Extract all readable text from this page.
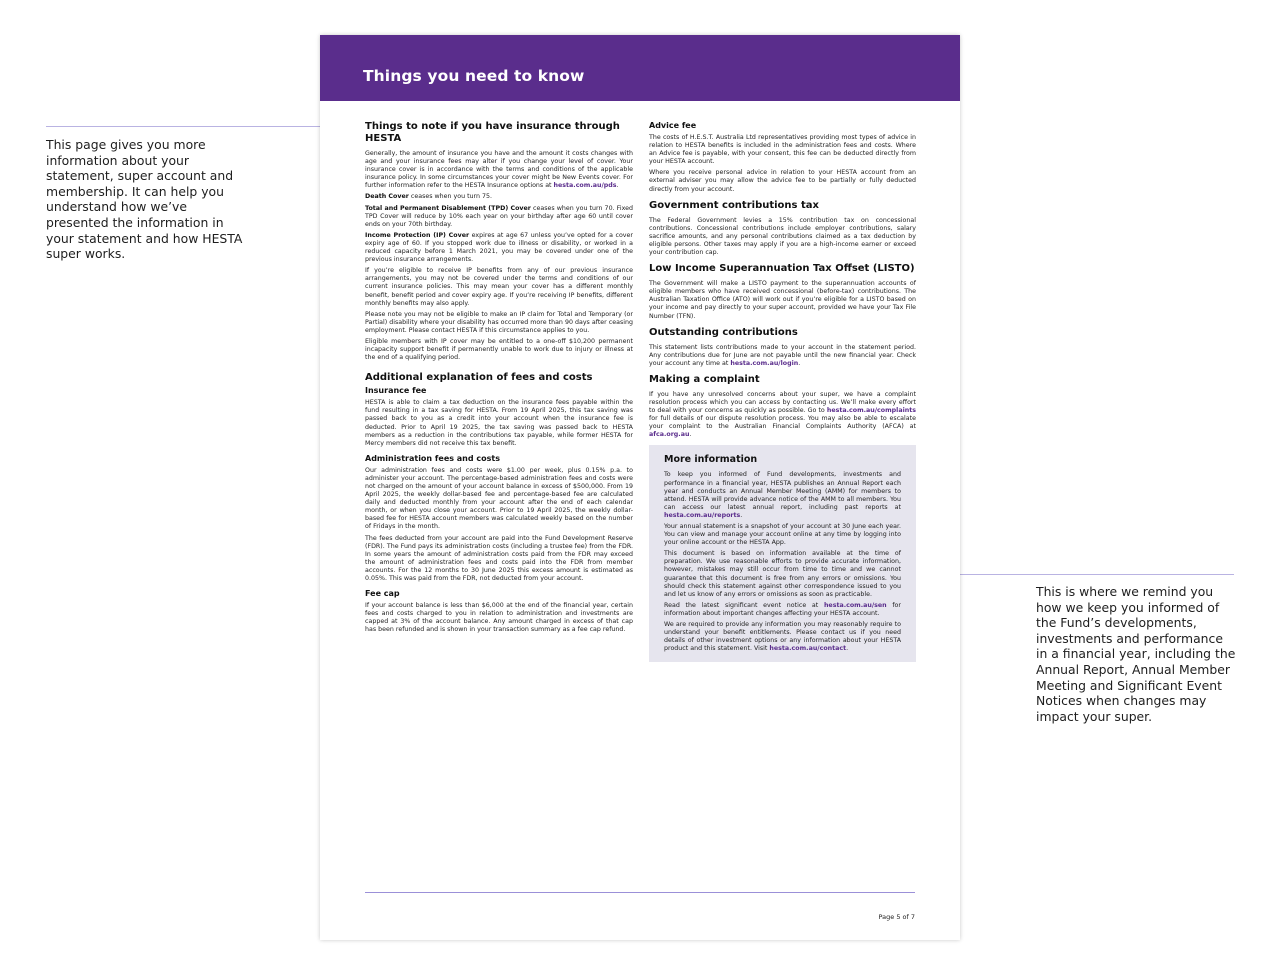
This page gives you more information about your statement, super account and membership. It can help you understand how we’ve presented the information in your statement and how HESTA super works.

This is where we remind you how we keep you informed of the Fund’s developments, investments and performance in a financial year, including the Annual Report, Annual Member Meeting and Significant Event Notices when changes may impact your super.

Things you need to know
Things to note if you have insurance through HESTA

Generally, the amount of insurance you have and the amount it costs changes with age and your insurance fees may alter if you change your level of cover. Your insurance cover is in accordance with the terms and conditions of the applicable insurance policy. In some circumstances your cover might be New Events cover. For further information refer to the HESTA Insurance options at hesta.com.au/pds.

Death Cover ceases when you turn 75.

Total and Permanent Disablement (TPD) Cover ceases when you turn 70. Fixed TPD Cover will reduce by 10% each year on your birthday after age 60 until cover ends on your 70th birthday.

Income Protection (IP) Cover expires at age 67 unless you’ve opted for a cover expiry age of 60. If you stopped work due to illness or disability, or worked in a reduced capacity before 1 March 2021, you may be covered under one of the previous insurance arrangements.

If you’re eligible to receive IP benefits from any of our previous insurance arrangements, you may not be covered under the terms and conditions of our current insurance policies. This may mean your cover has a different monthly benefit, benefit period and cover expiry age. If you’re receiving IP benefits, different monthly benefits may also apply.

Please note you may not be eligible to make an IP claim for Total and Temporary (or Partial) disability where your disability has occurred more than 90 days after ceasing employment. Please contact HESTA if this circumstance applies to you.

Eligible members with IP cover may be entitled to a one-off $10,200 permanent incapacity support benefit if permanently unable to work due to injury or illness at the end of a qualifying period.

Additional explanation of fees and costs
Insurance fee

HESTA is able to claim a tax deduction on the insurance fees payable within the fund resulting in a tax saving for HESTA. From 19 April 2025, this tax saving was passed back to you as a credit into your account when the insurance fee is deducted. Prior to April 19 2025, the tax saving was passed back to HESTA members as a reduction in the contributions tax payable, while former HESTA for Mercy members did not receive this tax benefit.

Administration fees and costs

Our administration fees and costs were $1.00 per week, plus 0.15% p.a. to administer your account. The percentage-based administration fees and costs were not charged on the amount of your account balance in excess of $500,000. From 19 April 2025, the weekly dollar-based fee and percentage-based fee are calculated daily and deducted monthly from your account after the end of each calendar month, or when you close your account. Prior to 19 April 2025, the weekly dollar-based fee for HESTA account members was calculated weekly based on the number of Fridays in the month.

The fees deducted from your account are paid into the Fund Development Reserve (FDR). The Fund pays its administration costs (including a trustee fee) from the FDR. In some years the amount of administration costs paid from the FDR may exceed the amount of administration fees and costs paid into the FDR from member accounts. For the 12 months to 30 June 2025 this excess amount is estimated as 0.05%. This was paid from the FDR, not deducted from your account.

Fee cap

If your account balance is less than $6,000 at the end of the financial year, certain fees and costs charged to you in relation to administration and investments are capped at 3% of the account balance. Any amount charged in excess of that cap has been refunded and is shown in your transaction summary as a fee cap refund.

Advice fee

The costs of H.E.S.T. Australia Ltd representatives providing most types of advice in relation to HESTA benefits is included in the administration fees and costs. Where an Advice fee is payable, with your consent, this fee can be deducted directly from your HESTA account.

Where you receive personal advice in relation to your HESTA account from an external adviser you may allow the advice fee to be partially or fully deducted directly from your account.

Government contributions tax

The Federal Government levies a 15% contribution tax on concessional contributions. Concessional contributions include employer contributions, salary sacrifice amounts, and any personal contributions claimed as a tax deduction by eligible persons. Other taxes may apply if you are a high-income earner or exceed your contribution cap.

Low Income Superannuation Tax Offset (LISTO)

The Government will make a LISTO payment to the superannuation accounts of eligible members who have received concessional (before-tax) contributions. The Australian Taxation Office (ATO) will work out if you’re eligible for a LISTO based on your income and pay directly to your super account, provided we have your Tax File Number (TFN).

Outstanding contributions

This statement lists contributions made to your account in the statement period. Any contributions due for June are not payable until the new financial year. Check your account any time at hesta.com.au/login.

Making a complaint

If you have any unresolved concerns about your super, we have a complaint resolution process which you can access by contacting us. We’ll make every effort to deal with your concerns as quickly as possible. Go to hesta.com.au/complaints for full details of our dispute resolution process. You may also be able to escalate your complaint to the Australian Financial Complaints Authority (AFCA) at afca.org.au.

More information

To keep you informed of Fund developments, investments and performance in a financial year, HESTA publishes an Annual Report each year and conducts an Annual Member Meeting (AMM) for members to attend. HESTA will provide advance notice of the AMM to all members. You can access our latest annual report, including past reports at hesta.com.au/reports.

Your annual statement is a snapshot of your account at 30 June each year. You can view and manage your account online at any time by logging into your online account or the HESTA App.

This document is based on information available at the time of preparation. We use reasonable efforts to provide accurate information, however, mistakes may still occur from time to time and we cannot guarantee that this document is free from any errors or omissions. You should check this statement against other correspondence issued to you and let us know of any errors or omissions as soon as practicable.

Read the latest significant event notice at hesta.com.au/sen for information about important changes affecting your HESTA account.

We are required to provide any information you may reasonably require to understand your benefit entitlements. Please contact us if you need details of other investment options or any information about your HESTA product and this statement. Visit hesta.com.au/contact.

Page 5 of 7
